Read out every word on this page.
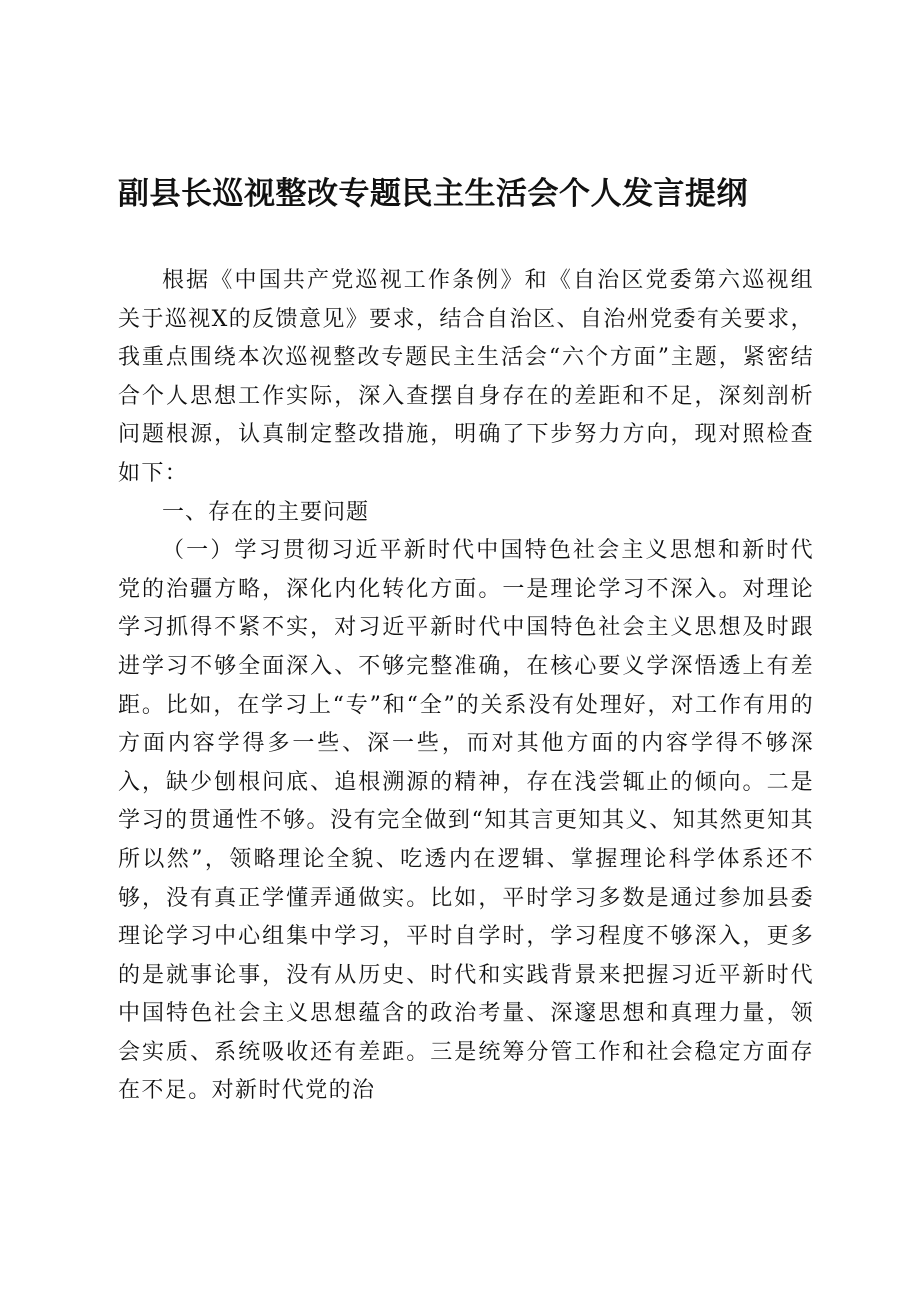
副县长巡视整改专题民主生活会个人发言提纲

根据《中国共产党巡视工作条例》和《自治区党委第六巡视组关于巡视X的反馈意见》要求，结合自治区、自治州党委有关要求，我重点围绕本次巡视整改专题民主生活会“六个方面”主题，紧密结合个人思想工作实际，深入查摆自身存在的差距和不足，深刻剖析问题根源，认真制定整改措施，明确了下步努力方向，现对照检查如下：

一、存在的主要问题

（一）学习贯彻习近平新时代中国特色社会主义思想和新时代党的治疆方略，深化内化转化方面。一是理论学习不深入。对理论学习抓得不紧不实，对习近平新时代中国特色社会主义思想及时跟进学习不够全面深入、不够完整准确，在核心要义学深悟透上有差距。比如，在学习上“专”和“全”的关系没有处理好，对工作有用的方面内容学得多一些、深一些，而对其他方面的内容学得不够深入，缺少刨根问底、追根溯源的精神，存在浅尝辄止的倾向。二是学习的贯通性不够。没有完全做到“知其言更知其义、知其然更知其所以然”，领略理论全貌、吃透内在逻辑、掌握理论科学体系还不够，没有真正学懂弄通做实。比如，平时学习多数是通过参加县委理论学习中心组集中学习，平时自学时，学习程度不够深入，更多的是就事论事，没有从历史、时代和实践背景来把握习近平新时代中国特色社会主义思想蕴含的政治考量、深邃思想和真理力量，领会实质、系统吸收还有差距。三是统筹分管工作和社会稳定方面存在不足。对新时代党的治
